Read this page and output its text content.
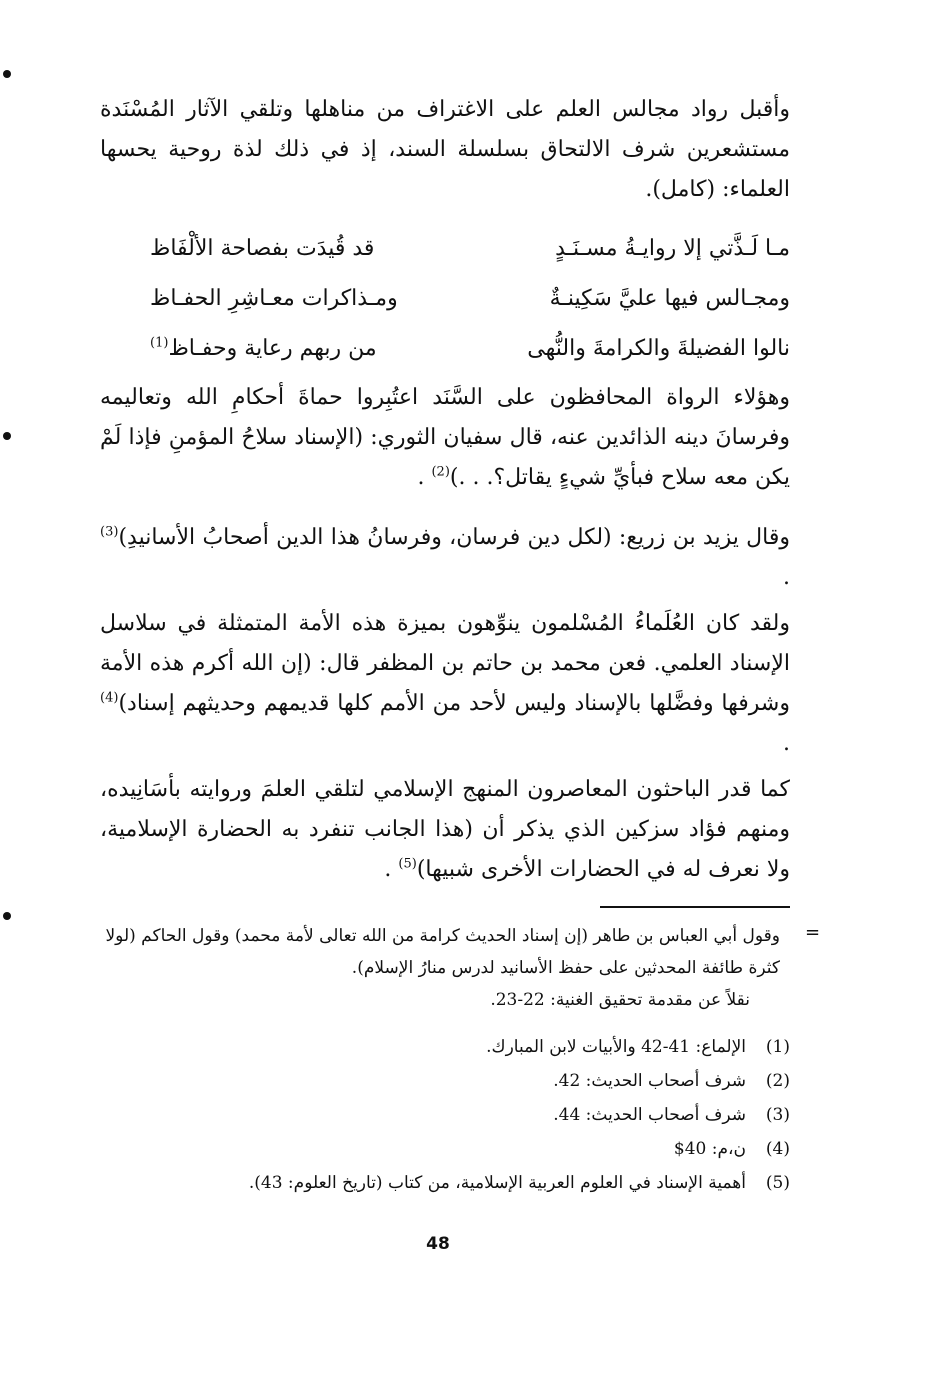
وأقبل رواد مجالس العلم على الاغتراف من مناهلها وتلقي الآثار المُسْنَدة مستشعرين شرف الالتحاق بسلسلة السند، إذ في ذلك لذة روحية يحسها العلماء: (كامل).

مـا لَـذَّتي إلا روايـةُ مسـنَـدٍ
قد قُيدَت بفصاحة الألْفَاظ
ومجـالس فيها عليَّ سَكِينـةٌ
ومـذاكرات معـاشِرِ الحفـاظ
نالوا الفضيلةَ والكرامةَ والنُّهى
من ربهم رعاية وحفـاظ$^{(1)}$

وهؤلاء الرواة المحافظون على السَّنَد اعتُبِروا حماةَ أحكامِ الله وتعاليمه وفرسانَ دينه الذائدين عنه، قال سفيان الثوري: (الإسناد سلاحُ المؤمنِ فإذا لَمْ يكن معه سلاح فبأيِّ شيءٍ يقاتل؟. . .)$^{(2)}$ .

وقال يزيد بن زريع: (لكل دين فرسان، وفرسانُ هذا الدين أصحابُ الأسانيدِ)$^{(3)}$ .

ولقد كان العُلَماءُ المُسْلمون ينوِّهون بميزة هذه الأمة المتمثلة في سلاسل الإسناد العلمي. فعن محمد بن حاتم بن المظفر قال: (إن الله أكرم هذه الأمة وشرفها وفضَّلها بالإسناد وليس لأحد من الأمم كلها قديمهم وحديثهم إسناد)$^{(4)}$ .

كما قدر الباحثون المعاصرون المنهج الإسلامي لتلقي العلمَ وروايته بأسَانِيده، ومنهم فؤاد سزكين الذي يذكر أن (هذا الجانب تنفرد به الحضارة الإسلامية، ولا نعرف له في الحضارات الأخرى شبيها)$^{(5)}$ .

=
وقول أبي العباس بن طاهر (إن إسناد الحديث كرامة من الله تعالى لأمة محمد) وقول الحاكم (لولا كثرة طائفة المحدثين على حفظ الأسانيد لدرس منارُ الإسلام).
نقلاً عن مقدمة تحقيق الغنية: 22-23.
(1)
الإلماع: 41-42 والأبيات لابن المبارك.
(2)
شرف أصحاب الحديث: 42.
(3)
شرف أصحاب الحديث: 44.
(4)
ن،م: 40$
(5)
أهمية الإسناد في العلوم العربية الإسلامية، من كتاب (تاريخ العلوم: 43).
48
